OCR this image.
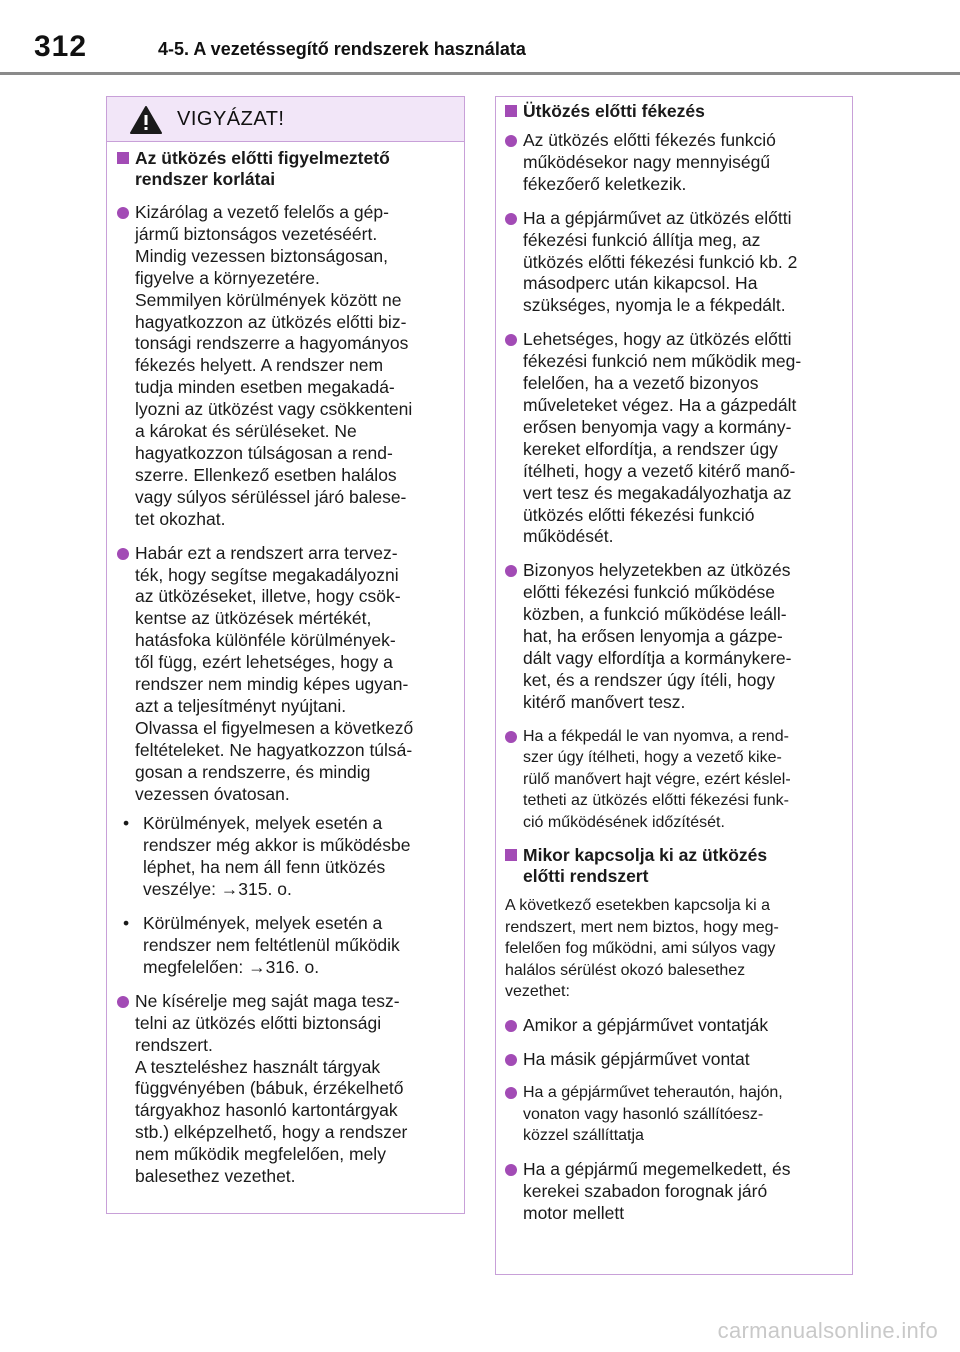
312	4-5. A vezetéssegítő rendszerek használata
VIGYÁZAT!
Az ütközés előtti figyelmeztető
rendszer korlátai
Kizárólag a vezető felelős a gép-
jármű biztonságos vezetéséért.
Mindig vezessen biztonságosan,
figyelve a környezetére.
Semmilyen körülmények között ne
hagyatkozzon az ütközés előtti biz-
tonsági rendszerre a hagyományos
fékezés helyett. A rendszer nem
tudja minden esetben megakadá-
lyozni az ütközést vagy csökkenteni
a károkat és sérüléseket. Ne
hagyatkozzon túlságosan a rend-
szerre. Ellenkező esetben halálos
vagy súlyos sérüléssel járó balese-
tet okozhat.
Habár ezt a rendszert arra tervez-
ték, hogy segítse megakadályozni
az ütközéseket, illetve, hogy csök-
kentse az ütközések mértékét,
hatásfoka különféle körülmények-
től függ, ezért lehetséges, hogy a
rendszer nem mindig képes ugyan-
azt a teljesítményt nyújtani.
Olvassa el figyelmesen a következő
feltételeket. Ne hagyatkozzon túlsá-
gosan a rendszerre, és mindig
vezessen óvatosan.
• Körülmények, melyek esetén a
rendszer még akkor is működésbe
léphet, ha nem áll fenn ütközés
veszélye: →315. o.
• Körülmények, melyek esetén a
rendszer nem feltétlenül működik
megfelelően: →316. o.
Ne kísérelje meg saját maga tesz-
telni az ütközés előtti biztonsági
rendszert.
A teszteléshez használt tárgyak
függvényében (bábuk, érzékelhető
tárgyakhoz hasonló kartontárgyak
stb.) elképzelhető, hogy a rendszer
nem működik megfelelően, mely
balesethez vezethet.
Ütközés előtti fékezés
Az ütközés előtti fékezés funkció
működésekor nagy mennyiségű
fékezőerő keletkezik.
Ha a gépjárművet az ütközés előtti
fékezési funkció állítja meg, az
ütközés előtti fékezési funkció kb. 2
másodperc után kikapcsol. Ha
szükséges, nyomja le a fékpedált.
Lehetséges, hogy az ütközés előtti
fékezési funkció nem működik meg-
felelően, ha a vezető bizonyos
műveleteket végez. Ha a gázpedált
erősen benyomja vagy a kormány-
kereket elfordítja, a rendszer úgy
ítélheti, hogy a vezető kitérő manő-
vert tesz és megakadályozhatja az
ütközés előtti fékezési funkció
működését.
Bizonyos helyzetekben az ütközés
előtti fékezési funkció működése
közben, a funkció működése leáll-
hat, ha erősen lenyomja a gázpe-
dált vagy elfordítja a kormánykere-
ket, és a rendszer úgy ítéli, hogy
kitérő manővert tesz.
Ha a fékpedál le van nyomva, a rend-
szer úgy ítélheti, hogy a vezető kike-
rülő manővert hajt végre, ezért késlel-
tetheti az ütközés előtti fékezési funk-
ció működésének időzítését.
Mikor kapcsolja ki az ütközés
előtti rendszert
A következő esetekben kapcsolja ki a
rendszert, mert nem biztos, hogy meg-
felelően fog működni, ami súlyos vagy
halálos sérülést okozó balesethez
vezethet:
Amikor a gépjárművet vontatják
Ha másik gépjárművet vontat
Ha a gépjárművet teherautón, hajón,
vonaton vagy hasonló szállítóesz-
közzel szállíttatja
Ha a gépjármű megemelkedett, és
kerekei szabadon forognak járó
motor mellett
carmanualsonline.info
